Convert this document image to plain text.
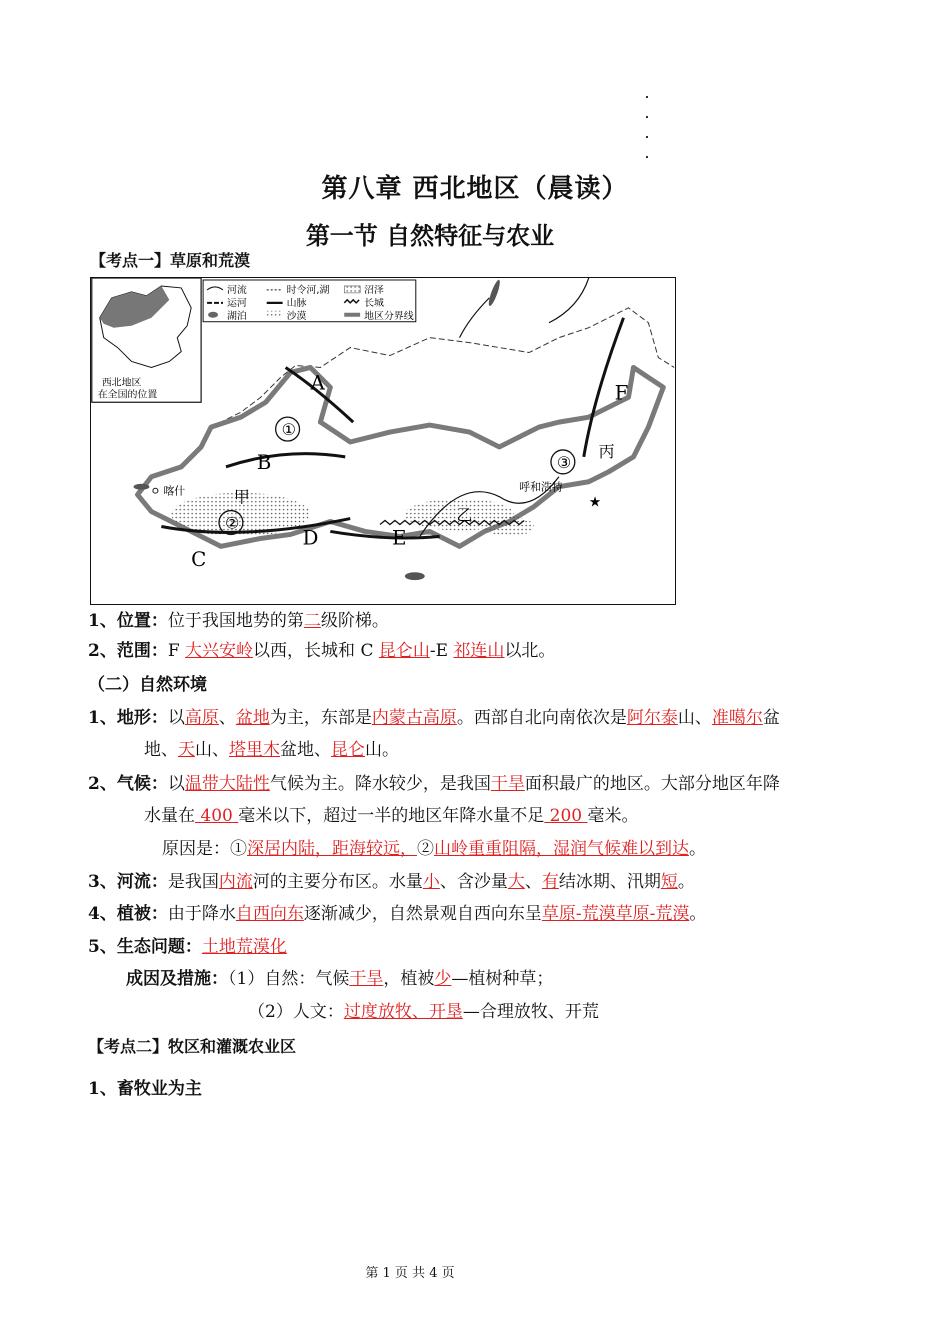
第八章 西北地区（晨读）
第一节 自然特征与农业
【考点一】草原和荒漠
西北地区
在全国的位置
河流	时令河,湖	沼泽
运河	山脉	长城
湖泊	沙漠	地区分界线
A
B
C
D	E
F
①
②
③
甲
乙
丙
喀什	呼和浩特
★
1、位置：位于我国地势的第二级阶梯。
2、范围：F 大兴安岭以西，长城和 C 昆仑山-E 祁连山以北。
（二）自然环境
1、地形：以高原、盆地为主，东部是内蒙古高原。西部自北向南依次是阿尔泰山、准噶尔盆
地、天山、塔里木盆地、昆仑山。
2、气候：以温带大陆性气候为主。降水较少，是我国干旱面积最广的地区。大部分地区年降
水量在 400 毫米以下，超过一半的地区年降水量不足 200 毫米。
原因是：①深居内陆，距海较远，②山岭重重阻隔，湿润气候难以到达。
3、河流：是我国内流河的主要分布区。水量小、含沙量大、有结冰期、汛期短。
4、植被：由于降水自西向东逐渐减少，自然景观自西向东呈草原-荒漠草原-荒漠。
5、生态问题：土地荒漠化
成因及措施：（1）自然：气候干旱，植被少—植树种草；
（2）人文：过度放牧、开垦—合理放牧、开荒
【考点二】牧区和灌溉农业区
1、畜牧业为主
第 1 页 共 4 页
